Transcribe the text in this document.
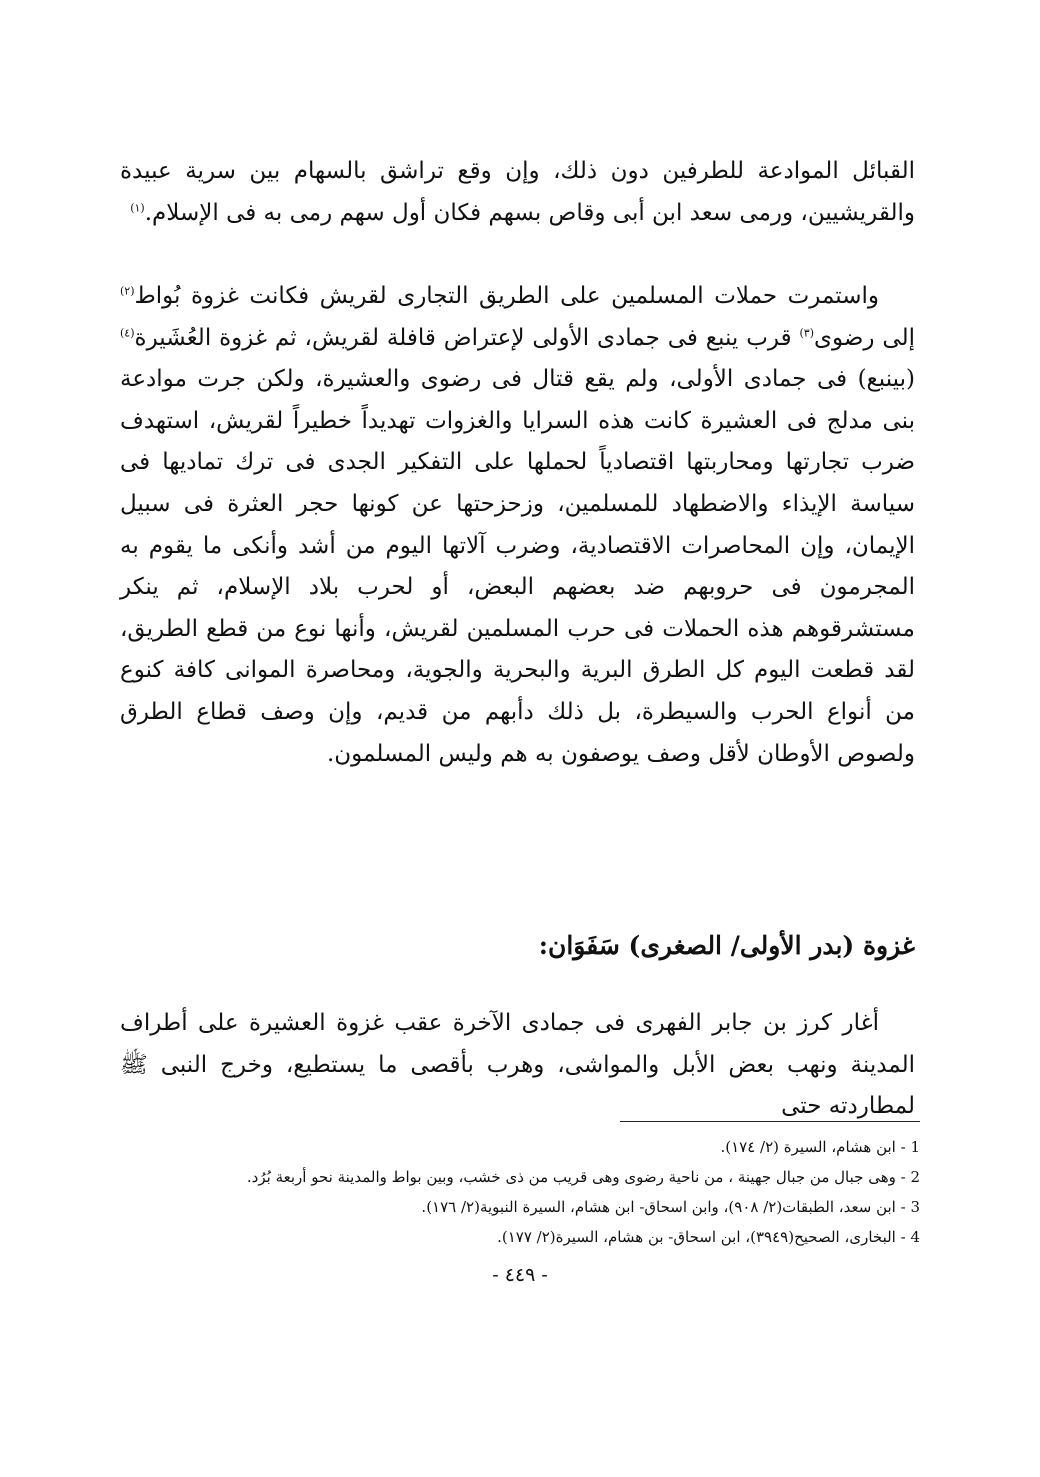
القبائل الموادعة للطرفين دون ذلك، وإن وقع تراشق بالسهام بين سرية عبيدة والقريشيين، ورمى سعد ابن أبى وقاص بسهم فكان أول سهم رمى به فى الإسلام.$^{(١)}$

واستمرت حملات المسلمين على الطريق التجارى لقريش فكانت غزوة بُواط$^{(٢)}$ إلى رضوى$^{(٣)}$ قرب ينبع فى جمادى الأولى لإعتراض قافلة لقريش، ثم غزوة العُشَيرة$^{(٤)}$(بينبع) فى جمادى الأولى، ولم يقع قتال فى رضوى والعشيرة، ولكن جرت موادعة بنى مدلج فى العشيرة كانت هذه السرايا والغزوات تهديداً خطيراً لقريش، استهدف ضرب تجارتها ومحاربتها اقتصادياً لحملها على التفكير الجدى فى ترك تماديها فى سياسة الإيذاء والاضطهاد للمسلمين، وزحزحتها عن كونها حجر العثرة فى سبيل الإيمان، وإن المحاصرات الاقتصادية، وضرب آلاتها اليوم من أشد وأنكى ما يقوم به المجرمون فى حروبهم ضد بعضهم البعض، أو لحرب بلاد الإسلام، ثم ينكر مستشرقوهم هذه الحملات فى حرب المسلمين لقريش، وأنها نوع من قطع الطريق، لقد قطعت اليوم كل الطرق البرية والبحرية والجوية، ومحاصرة الموانى كافة كنوع من أنواع الحرب والسيطرة، بل ذلك دأبهم من قديم، وإن وصف قطاع الطرق ولصوص الأوطان لأقل وصف يوصفون به هم وليس المسلمون.

غزوة (بدر الأولى/ الصغرى) سَفَوَان:

أغار كرز بن جابر الفهرى فى جمادى الآخرة عقب غزوة العشيرة على أطراف المدينة ونهب بعض الأبل والمواشى، وهرب بأقصى ما يستطيع، وخرج النبى ﷺ لمطاردته حتى

1 - ابن هشام، السيرة (٢/ ١٧٤).
2 - وهى جبال من جبال جهينة ، من ناحية رضوى وهى قريب من ذى خشب، وبين بواط والمدينة نحو أربعة بُرُد.
3 - ابن سعد، الطبقات(٢/ ٩٠٨)، وابن اسحاق- ابن هشام، السيرة النبوية(٢/ ١٧٦).
4 - البخارى، الصحيح(٣٩٤٩)، ابن اسحاق- بن هشام، السيرة(٢/ ١٧٧).
- ٤٤٩ -
